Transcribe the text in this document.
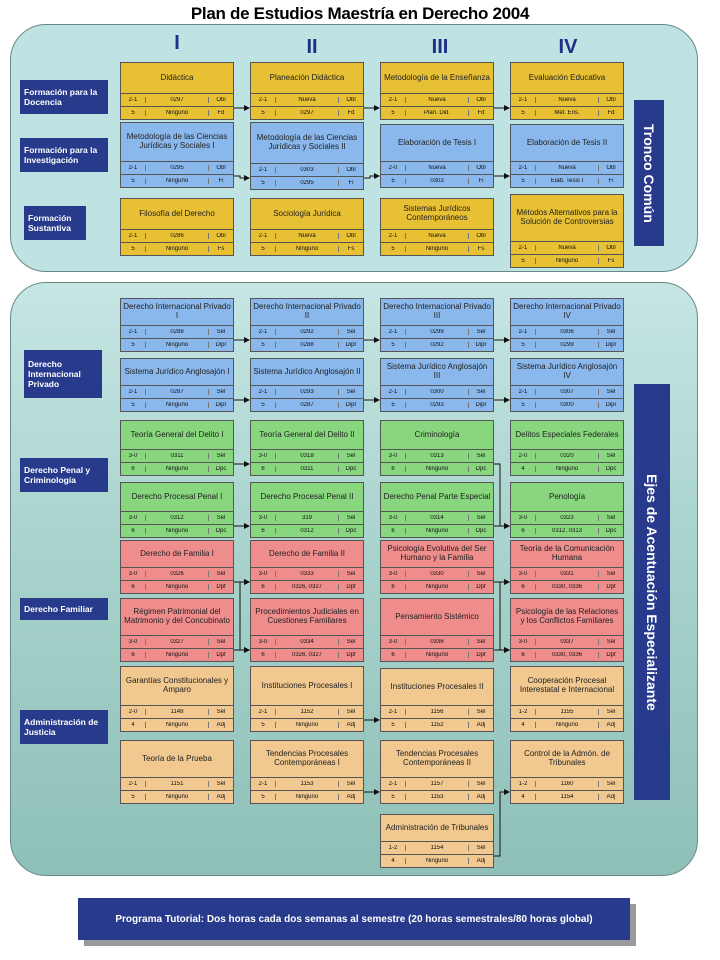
Plan de Estudios Maestría en Derecho 2004
I	II	III	IV
Tronco Común
Ejes de Acentuación Especializante
Formación para la Docencia
Formación para la Investigación
Formación Sustantiva
Derecho Internacional Privado
Derecho Penal y Criminología
Derecho Familiar
Administración de Justicia
Didáctica
2-1	0297	Obl
5	Ninguno	Fd
Planeación Didáctica
2-1	Nueva	Obl
5	0297	Fd
Metodología de la Enseñanza
2-1	Nueva	Obl
5	Plan. Did.	Fd
Evaluación Educativa
2-1	Nueva	Obl
5	Met. Ens.	Fd
Metodología de las Ciencias Jurídicas y Sociales I
2-1	0295	Obl
5	Ninguno	Fi
Metodología de las Ciencias Jurídicas y Sociales II
2-1	0303	Obl
5	0295	Fi
Elaboración de Tesis I
2-0	Nueva	Obl
5	0303	Fi
Elaboración de Tesis II
2-1	Nueva	Obl
5	Elab. Tesis I	Fi
Filosofía del Derecho
2-1	0286	Obl
5	Ninguno	Fs
Sociología Jurídica
2-1	Nueva	Obl
5	Ninguno	Fs
Sistemas Jurídicos Contemporáneos
2-1	Nueva	Obl
5	Ninguno	Fs
Métodos Alternativos para la Solución de Controversias
2-1	Nueva	Obl
5	Ninguno	Fs
Derecho Internacional Privado I
2-1	0288	Sel
5	Ninguno	Dipr
Derecho Internacional Privado II
2-1	0292	Sel
5	0288	Dipr
Derecho Internacional Privado III
2-1	0299	Sel
5	0292	Dipr
Derecho Internacional Privado IV
2-1	0306	Sel
5	0299	Dipr
Sistema Jurídico Anglosajón I
2-1	0287	Sel
5	Ninguno	Dipr
Sistema Jurídico Anglosajón II
2-1	0293	Sel
5	0287	Dipr
Sistema Jurídico Anglosajón III
2-1	0300	Sel
5	0293	Dipr
Sistema Jurídico Anglosajón IV
2-1	0307	Sel
5	0300	Dipr
Teoría General del Delito I
3-0	0311	Sel
6	Ninguno	Dpc
Teoría General del Delito II
3-0	0318	Sel
6	0311	Dpc
Criminología
3-0	0313	Sel
6	Ninguno	Dpc
Delitos Especiales Federales
2-0	0320	Sel
4	Ninguno	Dpc
Derecho Procesal Penal I
3-0	0312	Sel
6	Ninguno	Dpc
Derecho Procesal Penal II
3-0	319	Sel
6	0312	Dpc
Derecho Penal Parte Especial
3-0	0314	Sel
6	Ninguno	Dpc
Penología
3-0	0323	Sel
6	0312, 0313	Dpc
Derecho de Familia I
3-0	0326	Sel
6	Ninguno	Dpf
Derecho de Familia II
3-0	0333	Sel
6	0326, 0327	Dpf
Psicología Evolutiva del Ser Humano y la Familia
3-0	0330	Sel
6	Ninguno	Dpf
Teoría de la Comunicación Humana
3-0	0331	Sel
6	0330, 0336	Dpf
Régimen Patrimonial del Matrimonio y del Concubinato
3-0	0327	Sel
6	Ninguno	Dpf
Procedimientos Judiciales en Cuestiones Familiares
3-0	0334	Sel
6	0326, 0327	Dpf
Pensamiento Sistémico
3-0	0336	Sel
6	Ninguno	Dpf
Psicología de las Relaciones y los Conflictos Familiares
3-0	0337	Sel
6	0330, 0336	Dpf
Garantías Constitucionales y Amparo
2-0	1148	Sel
4	Ninguno	Adj
Instituciones Procesales I
2-1	1152	Sel
5	Ninguno	Adj
Instituciones Procesales II
2-1	1156	Sel
5	1152	Adj
Cooperación Procesal Interestatal e Internacional
1-2	1155	Sel
4	Ninguno	Adj
Teoría de la Prueba
2-1	1151	Sel
5	Ninguno	Adj
Tendencias Procesales Contemporáneas I
2-1	1153	Sel
5	Ninguno	Adj
Tendencias Procesales Contemporáneas II
2-1	1157	Sel
5	1153	Adj
Control de la Admón. de Tribunales
1-2	1160	Sel
4	1154	Adj
Administración de Tribunales
1-2	1154	Sel
4	Ninguno	Adj
Programa Tutorial: Dos horas cada dos semanas al semestre (20 horas semestrales/80 horas global)
